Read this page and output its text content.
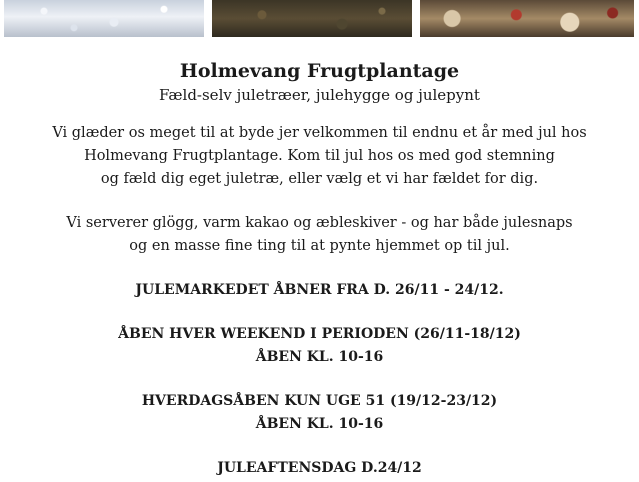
Holmevang Frugtplantage

Fæld-selv juletræer, julehygge og julepynt

________________________________________________

Vi glæder os meget til at byde jer velkommen til endnu et år med jul hos

Holmevang Frugtplantage. Kom til jul hos os med god stemning

og fæld dig eget juletræ, eller vælg et vi har fældet for dig.

Vi serverer glögg, varm kakao og æbleskiver - og har både julesnaps

og en masse fine ting til at pynte hjemmet op til jul.

JULEMARKEDET ÅBNER FRA D. 26/11 - 24/12.

ÅBEN HVER WEEKEND I PERIODEN (26/11-18/12)

ÅBEN KL. 10-16

HVERDAGSÅBEN KUN UGE 51 (19/12-23/12)

ÅBEN KL. 10-16

JULEAFTENSDAG D.24/12
